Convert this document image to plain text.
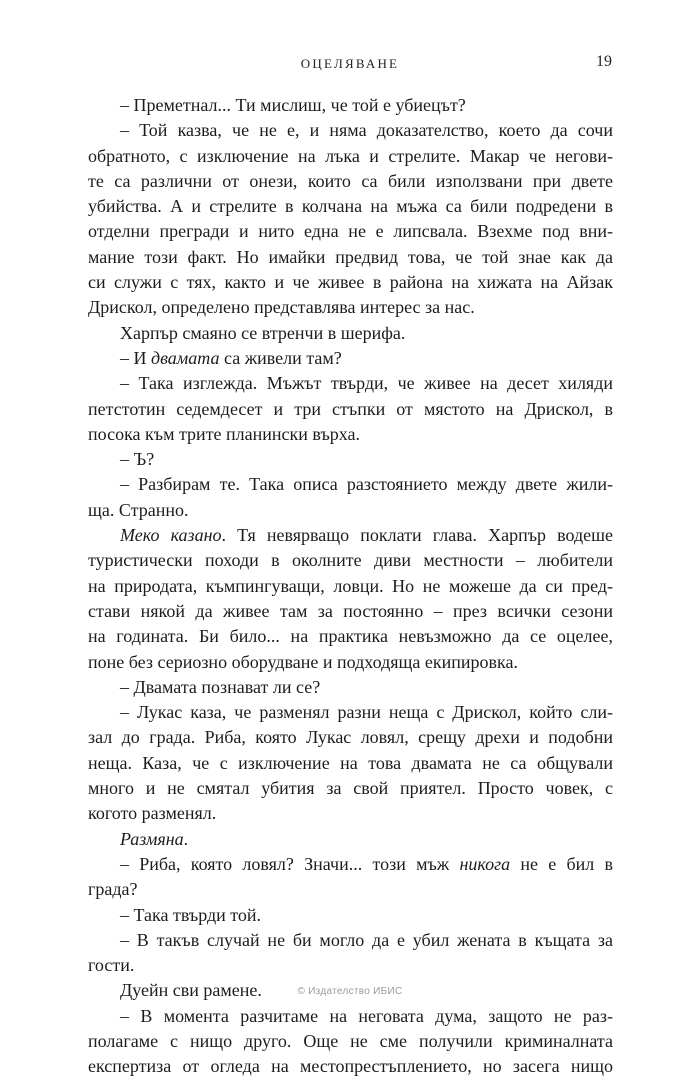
ОЦЕЛЯВАНЕ	19
– Преметнал... Ти мислиш, че той е убиецът?
– Той казва, че не е, и няма доказателство, което да сочи
обратното, с изключение на лъка и стрелите. Макар че негови-
те са различни от онези, които са били използвани при двете
убийства. А и стрелите в колчана на мъжа са били подредени в
отделни прегради и нито една не е липсвала. Взехме под вни-
мание този факт. Но имайки предвид това, че той знае как да
си служи с тях, както и че живее в района на хижата на Айзак
Дрискол, определено представлява интерес за нас.
Харпър смаяно се втренчи в шерифа.
– И двамата са живели там?
– Така изглежда. Мъжът твърди, че живее на десет хиляди
петстотин седемдесет и три стъпки от мястото на Дрискол, в
посока към трите планински върха.
– Ъ?
– Разбирам те. Така описа разстоянието между двете жили-
ща. Странно.
Меко казано. Тя невярващо поклати глава. Харпър водеше
туристически походи в околните диви местности – любители
на природата, къмпингуващи, ловци. Но не можеше да си пред-
стави някой да живее там за постоянно – през всички сезони
на годината. Би било... на практика невъзможно да се оцелее,
поне без сериозно оборудване и подходяща екипировка.
– Двамата познават ли се?
– Лукас каза, че разменял разни неща с Дрискол, който сли-
зал до града. Риба, която Лукас ловял, срещу дрехи и подобни
неща. Каза, че с изключение на това двамата не са общували
много и не смятал убития за свой приятел. Просто човек, с
когото разменял.
Размяна.
– Риба, която ловял? Значи... този мъж никога не е бил в
града?
– Така твърди той.
– В такъв случай не би могло да е убил жената в къщата за
гости.
Дуейн сви рамене.
– В момента разчитаме на неговата дума, защото не раз-
полагаме с нищо друго. Още не сме получили криминалната
експертиза от огледа на местопрестъплението, но засега нищо
© Издателство ИБИС
